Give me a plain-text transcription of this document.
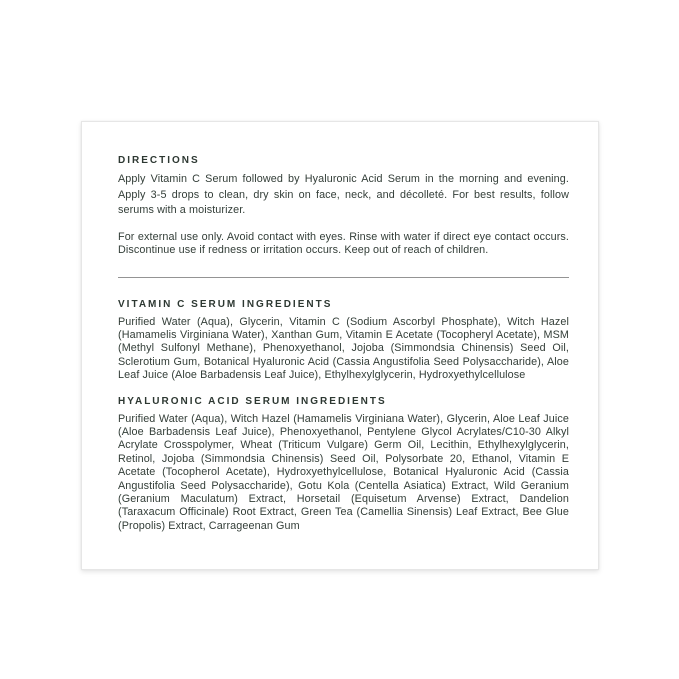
DIRECTIONS

Apply Vitamin C Serum followed by Hyaluronic Acid Serum in the morning and evening. Apply 3-5 drops to clean, dry skin on face, neck, and décolleté. For best results, follow serums with a moisturizer.

For external use only. Avoid contact with eyes. Rinse with water if direct eye contact occurs. Discontinue use if redness or irritation occurs. Keep out of reach of children.

VITAMIN C SERUM INGREDIENTS

Purified Water (Aqua), Glycerin, Vitamin C (Sodium Ascorbyl Phosphate), Witch Hazel (Hamamelis Virginiana Water), Xanthan Gum, Vitamin E Acetate (Tocopheryl Acetate), MSM (Methyl Sulfonyl Methane), Phenoxyethanol, Jojoba (Simmondsia Chinensis) Seed Oil, Sclerotium Gum, Botanical Hyaluronic Acid (Cassia Angustifolia Seed Polysaccharide), Aloe Leaf Juice (Aloe Barbadensis Leaf Juice), Ethylhexylglycerin, Hydroxyethylcellulose

HYALURONIC ACID SERUM INGREDIENTS

Purified Water (Aqua), Witch Hazel (Hamamelis Virginiana Water), Glycerin, Aloe Leaf Juice (Aloe Barbadensis Leaf Juice), Phenoxyethanol, Pentylene Glycol Acrylates/C10-30 Alkyl Acrylate Crosspolymer, Wheat (Triticum Vulgare) Germ Oil, Lecithin, Ethylhexylglycerin, Retinol, Jojoba (Simmondsia Chinensis) Seed Oil, Polysorbate 20, Ethanol, Vitamin E Acetate (Tocopherol Acetate), Hydroxyethylcellulose, Botanical Hyaluronic Acid (Cassia Angustifolia Seed Polysaccharide), Gotu Kola (Centella Asiatica) Extract, Wild Geranium (Geranium Maculatum) Extract, Horsetail (Equisetum Arvense) Extract, Dandelion (Taraxacum Officinale) Root Extract, Green Tea (Camellia Sinensis) Leaf Extract, Bee Glue (Propolis) Extract, Carrageenan Gum
